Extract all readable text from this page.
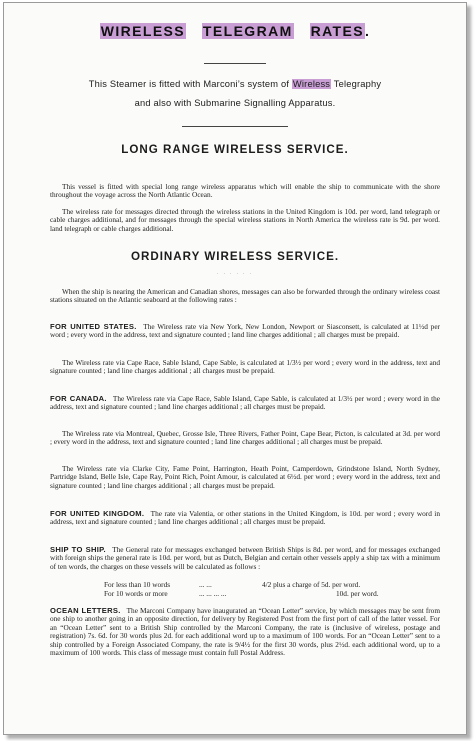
WIRELESS TELEGRAM RATES.
This Steamer is fitted with Marconi’s system of Wireless Telegraphy
and also with Submarine Signalling Apparatus.
LONG RANGE WIRELESS SERVICE.

This vessel is fitted with special long range wireless apparatus which will enable the ship to communicate with the shore throughout the voyage across the North Atlantic Ocean.

The wireless rate for messages directed through the wireless stations in the United Kingdom is 10d. per word, land telegraph or cable charges additional, and for messages through the special wireless stations in North America the wireless rate is 9d. per word. land telegraph or cable charges additional.

ORDINARY WIRELESS SERVICE.
. . . . . .

When the ship is nearing the American and Canadian shores, messages can also be forwarded through the ordinary wireless coast stations situated on the Atlantic seaboard at the following rates :

FOR UNITED STATES. The Wireless rate via New York, New London, Newport or Siasconsett, is calculated at 11½d per word ; every word in the address, text and signature counted ; land line charges additional ; all charges must be prepaid.

The Wireless rate via Cape Race, Sable Island, Cape Sable, is calculated at 1/3½ per word ; every word in the address, text and signature counted ; land line charges additional ; all charges must be prepaid.

FOR CANADA. The Wireless rate via Cape Race, Sable Island, Cape Sable, is calculated at 1/3½ per word ; every word in the address, text and signature counted ; land line charges additional ; all charges must be prepaid.

The Wireless rate via Montreal, Quebec, Grosse Isle, Three Rivers, Father Point, Cape Bear, Picton, is calculated at 3d. per word ; every word in the address, text and signature counted ; land line charges additional ; all charges must be prepaid.

The Wireless rate via Clarke City, Fame Point, Harrington, Heath Point, Camperdown, Grindstone Island, North Sydney, Partridge Island, Belle Isle, Cape Ray, Point Rich, Point Amour, is calculated at 6½d. per word ; every word in the address, text and signature counted ; land line charges additional ; all charges must be prepaid.

FOR UNITED KINGDOM. The rate via Valentia, or other stations in the United Kingdom, is 10d. per word ; every word in address, text and signature counted ; land line charges additional ; all charges must be prepaid.

SHIP TO SHIP. The General rate for messages exchanged between British Ships is 8d. per word, and for messages exchanged with foreign ships the general rate is 10d. per word, but as Dutch, Belgian and certain other vessels apply a ship tax with a minimum of ten words, the charges on these vessels will be calculated as follows :

For less than 10 words	... ...	4/2 plus a charge of 5d. per word.
For 10 words or more	... ... ... ...	10d. per word.

OCEAN LETTERS. The Marconi Company have inaugurated an “Ocean Letter” service, by which messages may be sent from one ship to another going in an opposite direction, for delivery by Registered Post from the first port of call of the latter vessel. For an “Ocean Letter” sent to a British Ship controlled by the Marconi Company, the rate is (inclusive of wireless, postage and registration) 7s. 6d. for 30 words plus 2d. for each additional word up to a maximum of 100 words. For an “Ocean Letter” sent to a ship controlled by a Foreign Associated Company, the rate is 9/4½ for the first 30 words, plus 2½d. each additional word, up to a maximum of 100 words. This class of message must contain full Postal Address.
